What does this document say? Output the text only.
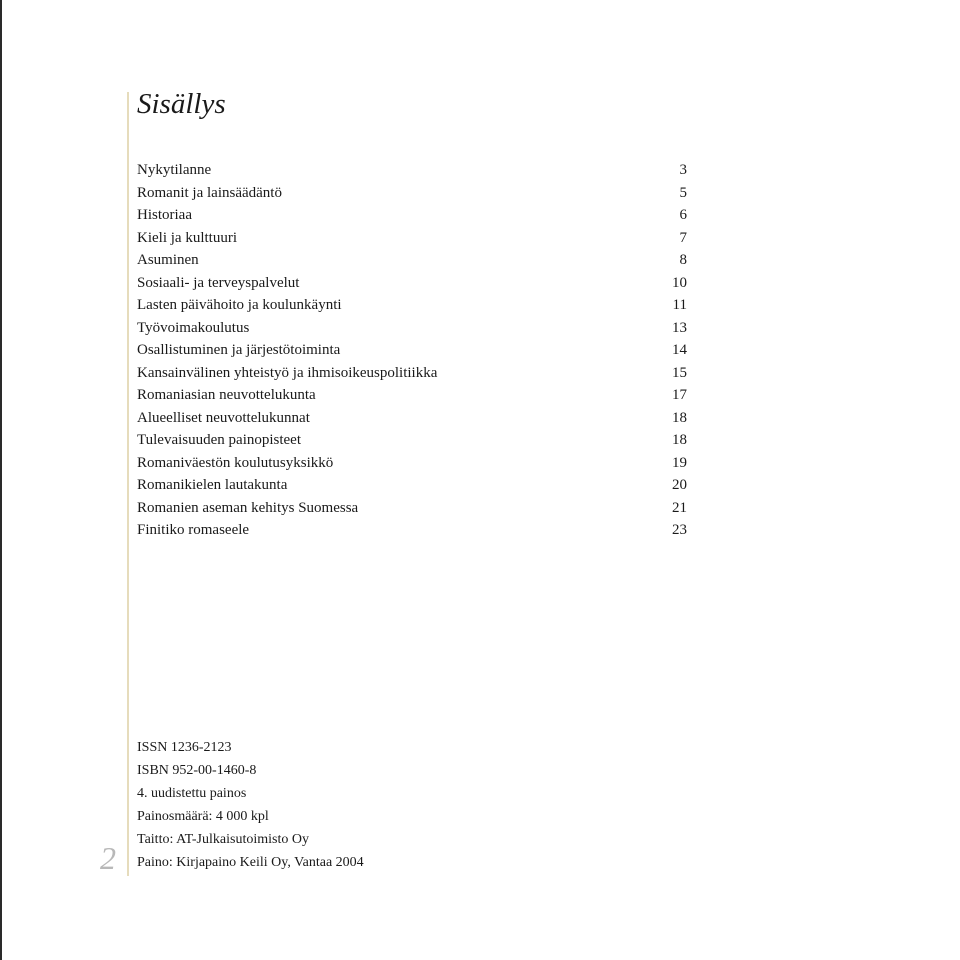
Sisällys
Nykytilanne	3
Romanit ja lainsäädäntö	5
Historiaa	6
Kieli ja kulttuuri	7
Asuminen	8
Sosiaali- ja terveyspalvelut	10
Lasten päivähoito ja koulunkäynti	11
Työvoimakoulutus	13
Osallistuminen ja järjestötoiminta	14
Kansainvälinen yhteistyö ja ihmisoikeuspolitiikka	15
Romaniasian neuvottelukunta	17
Alueelliset neuvottelukunnat	18
Tulevaisuuden painopisteet	18
Romaniväestön koulutusyksikkö	19
Romanikielen lautakunta	20
Romanien aseman kehitys Suomessa	21
Finitiko romaseele	23
ISSN 1236-2123
ISBN 952-00-1460-8
4. uudistettu painos
Painosmäärä: 4 000 kpl
Taitto: AT-Julkaisutoimisto Oy
Paino: Kirjapaino Keili Oy, Vantaa 2004
2
